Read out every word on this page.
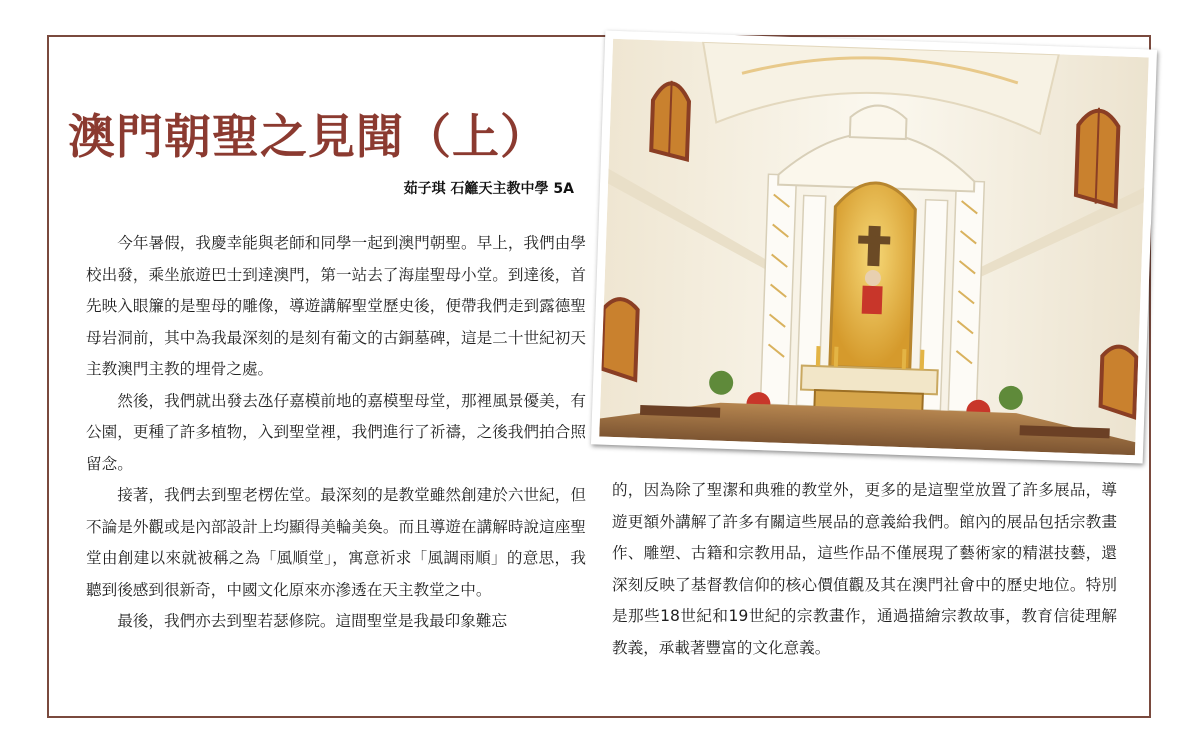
澳門朝聖之見聞（上）
茹子琪 石籬天主教中學 5A

今年暑假，我慶幸能與老師和同學一起到澳門朝聖。早上，我們由學校出發，乘坐旅遊巴士到達澳門，第一站去了海崖聖母小堂。到達後，首先映入眼簾的是聖母的雕像，導遊講解聖堂歷史後，便帶我們走到露德聖母岩洞前，其中為我最深刻的是刻有葡文的古銅墓碑，這是二十世紀初天主教澳門主教的埋骨之處。

然後，我們就出發去氹仔嘉模前地的嘉模聖母堂，那裡風景優美，有公園，更種了許多植物，入到聖堂裡，我們進行了祈禱，之後我們拍合照留念。

接著，我們去到聖老楞佐堂。最深刻的是教堂雖然創建於六世紀，但不論是外觀或是內部設計上均顯得美輪美奐。而且導遊在講解時說這座聖堂由創建以來就被稱之為「風順堂」，寓意祈求「風調雨順」的意思，我聽到後感到很新奇，中國文化原來亦滲透在天主教堂之中。

最後，我們亦去到聖若瑟修院。這間聖堂是我最印象難忘

的，因為除了聖潔和典雅的教堂外，更多的是這聖堂放置了許多展品，導遊更額外講解了許多有關這些展品的意義給我們。館內的展品包括宗教畫作、雕塑、古籍和宗教用品，這些作品不僅展現了藝術家的精湛技藝，還深刻反映了基督教信仰的核心價值觀及其在澳門社會中的歷史地位。特別是那些18世紀和19世紀的宗教畫作，通過描繪宗教故事，教育信徒理解教義，承載著豐富的文化意義。
